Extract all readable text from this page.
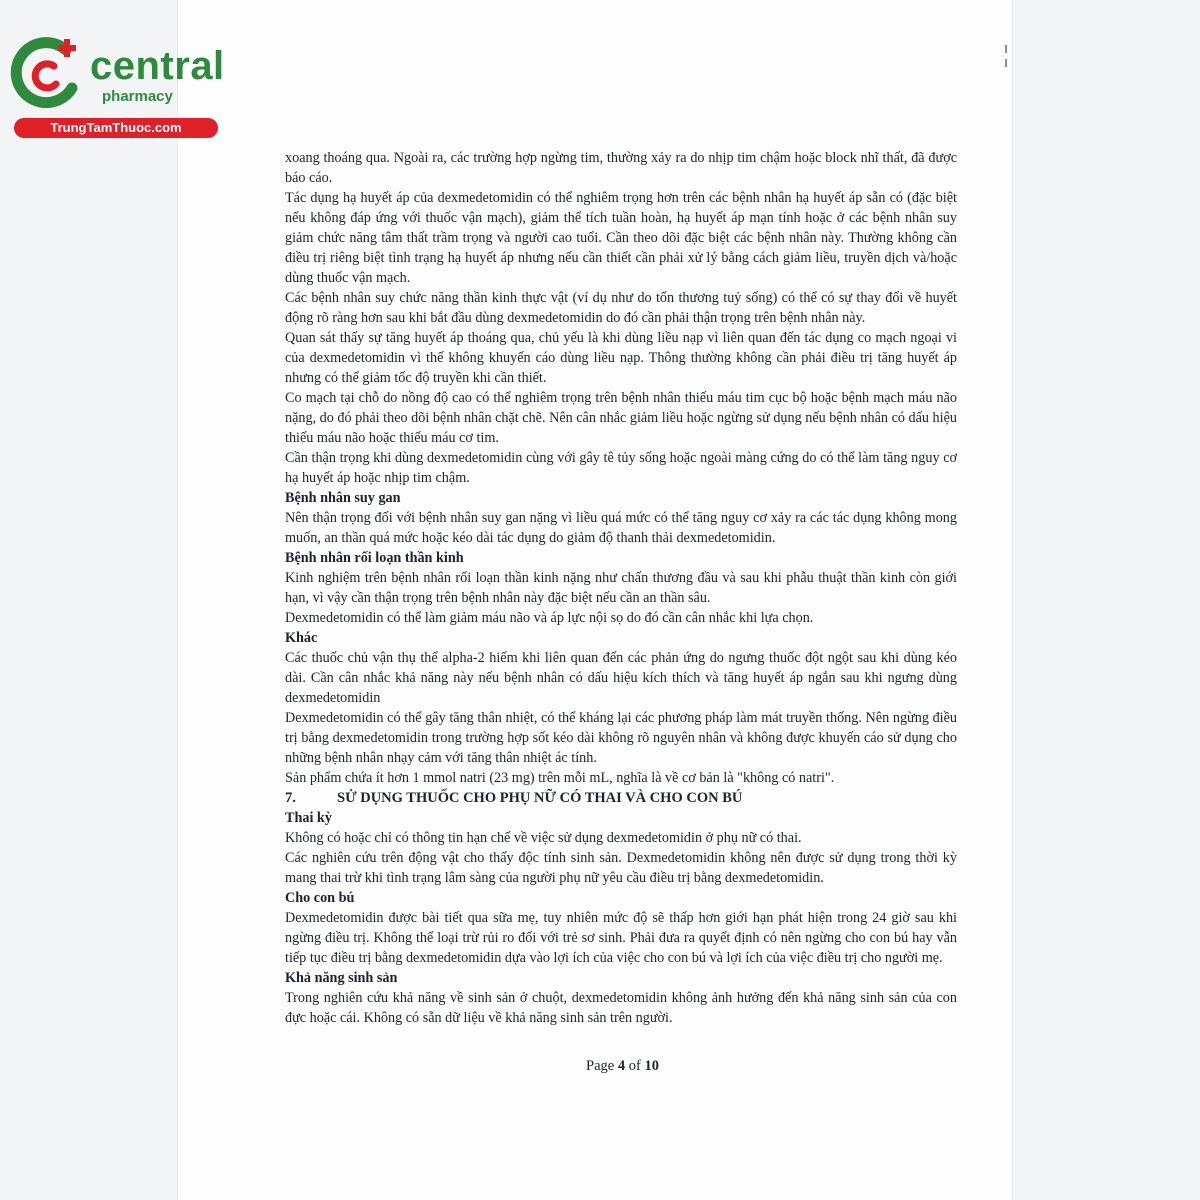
central
pharmacy
TrungTamThuoc.com

xoang thoáng qua. Ngoài ra, các trường hợp ngừng tim, thường xảy ra do nhịp tim chậm hoặc block nhĩ thất, đã được báo cáo.

Tác dụng hạ huyết áp của dexmedetomidin có thể nghiêm trọng hơn trên các bệnh nhân hạ huyết áp sẵn có (đặc biệt nếu không đáp ứng với thuốc vận mạch), giảm thể tích tuần hoàn, hạ huyết áp mạn tính hoặc ở các bệnh nhân suy giảm chức năng tâm thất trầm trọng và người cao tuổi. Cần theo dõi đặc biệt các bệnh nhân này. Thường không cần điều trị riêng biệt tình trạng hạ huyết áp nhưng nếu cần thiết cần phải xử lý bằng cách giảm liều, truyền dịch và/hoặc dùng thuốc vận mạch.

Các bệnh nhân suy chức năng thần kinh thực vật (ví dụ như do tổn thương tuỷ sống) có thể có sự thay đổi về huyết động rõ ràng hơn sau khi bắt đầu dùng dexmedetomidin do đó cần phải thận trọng trên bệnh nhân này.

Quan sát thấy sự tăng huyết áp thoáng qua, chủ yếu là khi dùng liều nạp vì liên quan đến tác dụng co mạch ngoại vi của dexmedetomidin vì thế không khuyến cáo dùng liều nạp. Thông thường không cần phải điều trị tăng huyết áp nhưng có thể giảm tốc độ truyền khi cần thiết.

Co mạch tại chỗ do nồng độ cao có thể nghiêm trọng trên bệnh nhân thiếu máu tim cục bộ hoặc bệnh mạch máu não nặng, do đó phải theo dõi bệnh nhân chặt chẽ. Nên cân nhắc giảm liều hoặc ngừng sử dụng nếu bệnh nhân có dấu hiệu thiếu máu não hoặc thiếu máu cơ tim.

Cần thận trọng khi dùng dexmedetomidin cùng với gây tê tủy sống hoặc ngoài màng cứng do có thể làm tăng nguy cơ hạ huyết áp hoặc nhịp tim chậm.

Bệnh nhân suy gan

Nên thận trọng đối với bệnh nhân suy gan nặng vì liều quá mức có thể tăng nguy cơ xảy ra các tác dụng không mong muốn, an thần quá mức hoặc kéo dài tác dụng do giảm độ thanh thải dexmedetomidin.

Bệnh nhân rối loạn thần kinh

Kinh nghiệm trên bệnh nhân rối loạn thần kinh nặng như chấn thương đầu và sau khi phẫu thuật thần kinh còn giới hạn, vì vậy cần thận trọng trên bệnh nhân này đặc biệt nếu cần an thần sâu.

Dexmedetomidin có thể làm giảm máu não và áp lực nội sọ do đó cần cân nhắc khi lựa chọn.

Khác

Các thuốc chủ vận thụ thể alpha-2 hiếm khi liên quan đến các phản ứng do ngưng thuốc đột ngột sau khi dùng kéo dài. Cần cân nhắc khả năng này nếu bệnh nhân có dấu hiệu kích thích và tăng huyết áp ngắn sau khi ngưng dùng dexmedetomidin

Dexmedetomidin có thể gây tăng thân nhiệt, có thể kháng lại các phương pháp làm mát truyền thống. Nên ngừng điều trị bằng dexmedetomidin trong trường hợp sốt kéo dài không rõ nguyên nhân và không được khuyến cáo sử dụng cho những bệnh nhân nhạy cảm với tăng thân nhiệt ác tính.

Sản phẩm chứa ít hơn 1 mmol natri (23 mg) trên mỗi mL, nghĩa là về cơ bản là "không có natri".

7.	SỬ DỤNG THUỐC CHO PHỤ NỮ CÓ THAI VÀ CHO CON BÚ

Thai kỳ

Không có hoặc chỉ có thông tin hạn chế về việc sử dụng dexmedetomidin ở phụ nữ có thai.

Các nghiên cứu trên động vật cho thấy độc tính sinh sản. Dexmedetomidin không nên được sử dụng trong thời kỳ mang thai trừ khi tình trạng lâm sàng của người phụ nữ yêu cầu điều trị bằng dexmedetomidin.

Cho con bú

Dexmedetomidin được bài tiết qua sữa mẹ, tuy nhiên mức độ sẽ thấp hơn giới hạn phát hiện trong 24 giờ sau khi ngừng điều trị. Không thể loại trừ rủi ro đối với trẻ sơ sinh. Phải đưa ra quyết định có nên ngừng cho con bú hay vẫn tiếp tục điều trị bằng dexmedetomidin dựa vào lợi ích của việc cho con bú và lợi ích của việc điều trị cho người mẹ.

Khả năng sinh sản

Trong nghiên cứu khả năng về sinh sản ở chuột, dexmedetomidin không ảnh hưởng đến khả năng sinh sản của con đực hoặc cái. Không có sẵn dữ liệu về khả năng sinh sản trên người.

Page 4 of 10
